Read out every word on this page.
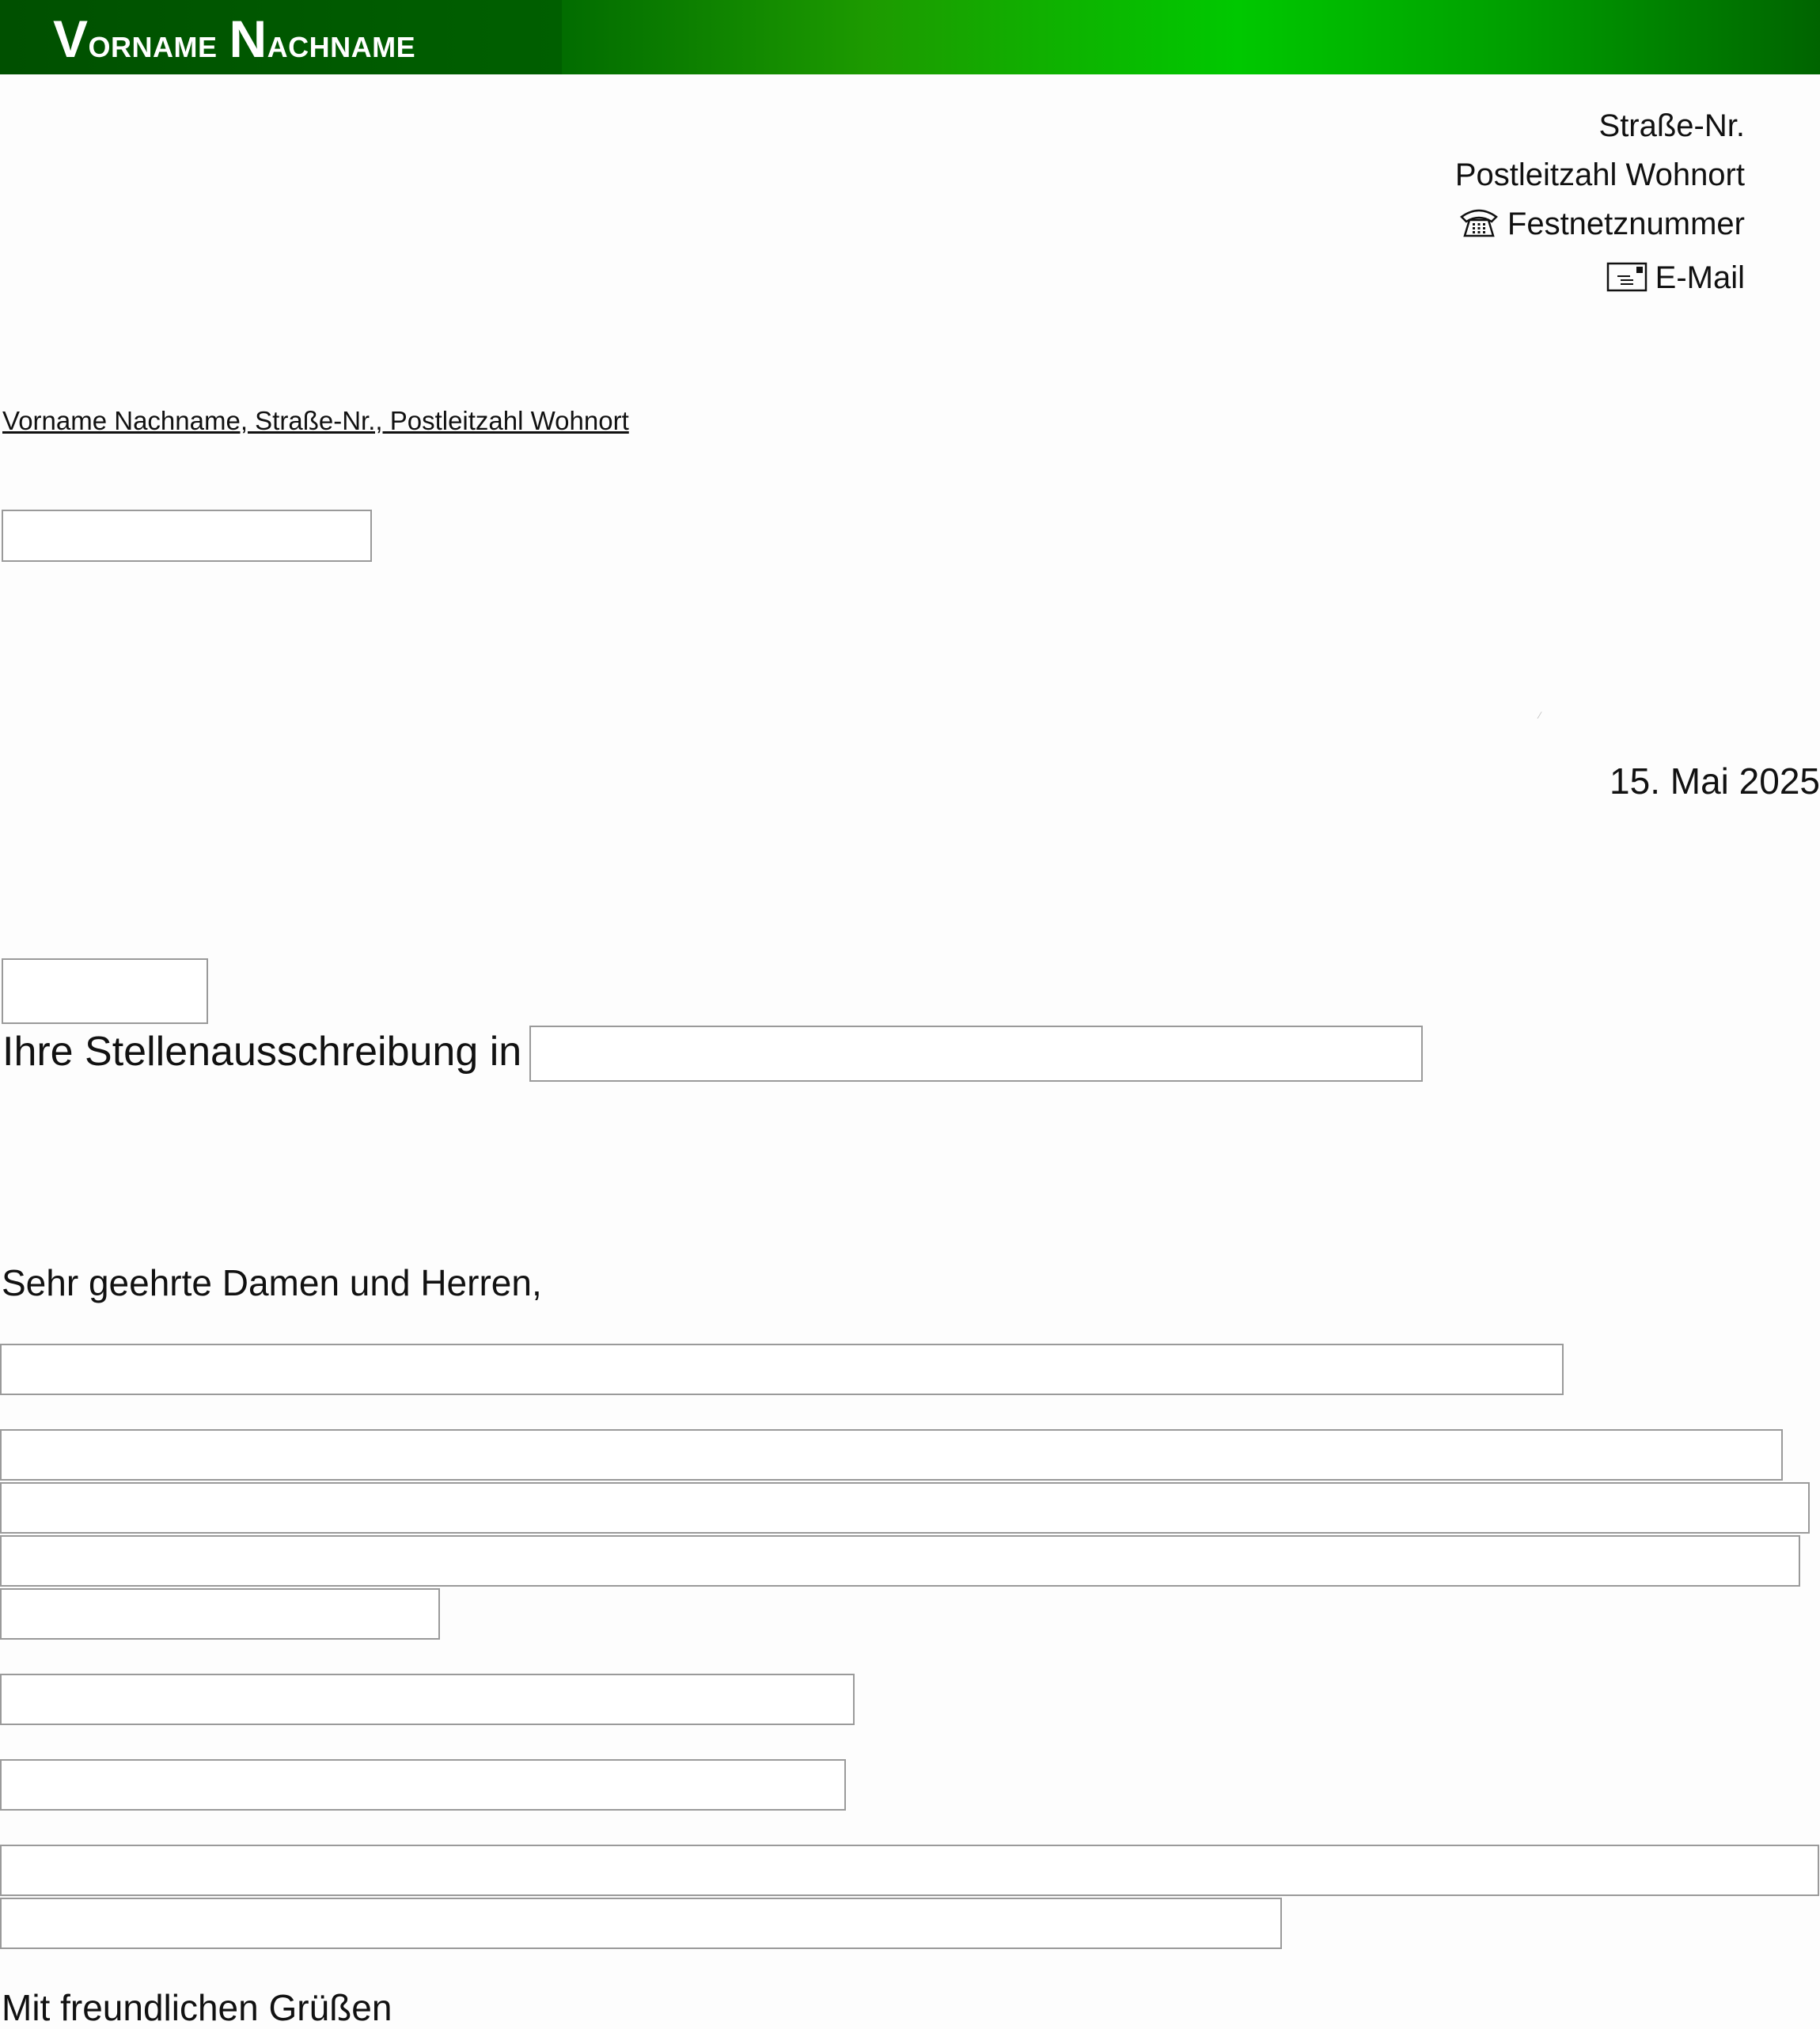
Vorname Nachname
Straße-Nr.
Postleitzahl Wohnort
Festnetznummer
E-Mail
Vorname Nachname, Straße-Nr., Postleitzahl Wohnort
⁄
15. Mai 2025
Ihre Stellenausschreibung in
Sehr geehrte Damen und Herren,
Mit freundlichen Grüßen
